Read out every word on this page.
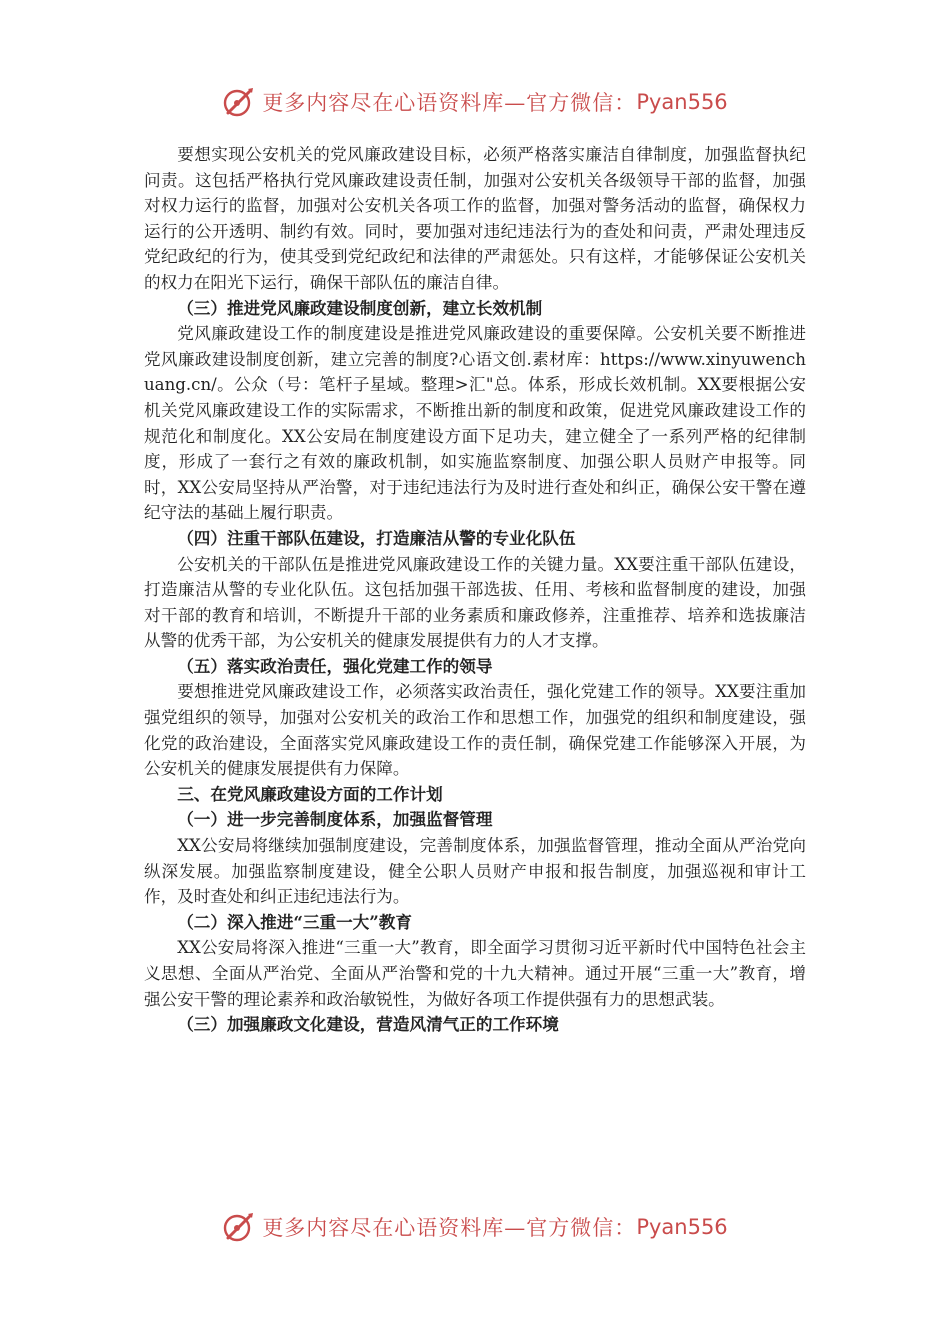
更多内容尽在心语资料库—官方微信： Pyan556

要想实现公安机关的党风廉政建设目标，必须严格落实廉洁自律制度，加强监督执纪问责。这包括严格执行党风廉政建设责任制，加强对公安机关各级领导干部的监督，加强对权力运行的监督，加强对公安机关各项工作的监督，加强对警务活动的监督，确保权力运行的公开透明、制约有效。同时，要加强对违纪违法行为的查处和问责，严肃处理违反党纪政纪的行为，使其受到党纪政纪和法律的严肃惩处。只有这样，才能够保证公安机关的权力在阳光下运行，确保干部队伍的廉洁自律。

（三）推进党风廉政建设制度创新，建立长效机制

党风廉政建设工作的制度建设是推进党风廉政建设的重要保障。公安机关要不断推进党风廉政建设制度创新，建立完善的制度?心语文创.素材库：https://www.xinyuwenchuang.cn/。公众（号：笔杆子星域。整理>汇"总。体系，形成长效机制。XX要根据公安机关党风廉政建设工作的实际需求，不断推出新的制度和政策，促进党风廉政建设工作的规范化和制度化。XX公安局在制度建设方面下足功夫，建立健全了一系列严格的纪律制度，形成了一套行之有效的廉政机制，如实施监察制度、加强公职人员财产申报等。同时，XX公安局坚持从严治警，对于违纪违法行为及时进行查处和纠正，确保公安干警在遵纪守法的基础上履行职责。

（四）注重干部队伍建设，打造廉洁从警的专业化队伍

公安机关的干部队伍是推进党风廉政建设工作的关键力量。XX要注重干部队伍建设，打造廉洁从警的专业化队伍。这包括加强干部选拔、任用、考核和监督制度的建设，加强对干部的教育和培训，不断提升干部的业务素质和廉政修养，注重推荐、培养和选拔廉洁从警的优秀干部，为公安机关的健康发展提供有力的人才支撑。

（五）落实政治责任，强化党建工作的领导

要想推进党风廉政建设工作，必须落实政治责任，强化党建工作的领导。XX要注重加强党组织的领导，加强对公安机关的政治工作和思想工作，加强党的组织和制度建设，强化党的政治建设，全面落实党风廉政建设工作的责任制，确保党建工作能够深入开展，为公安机关的健康发展提供有力保障。

三、在党风廉政建设方面的工作计划
（一）进一步完善制度体系，加强监督管理

XX公安局将继续加强制度建设，完善制度体系，加强监督管理，推动全面从严治党向纵深发展。加强监察制度建设，健全公职人员财产申报和报告制度，加强巡视和审计工作，及时查处和纠正违纪违法行为。

（二）深入推进“三重一大”教育

XX公安局将深入推进“三重一大”教育，即全面学习贯彻习近平新时代中国特色社会主义思想、全面从严治党、全面从严治警和党的十九大精神。通过开展“三重一大”教育，增强公安干警的理论素养和政治敏锐性，为做好各项工作提供强有力的思想武装。

（三）加强廉政文化建设，营造风清气正的工作环境
更多内容尽在心语资料库—官方微信： Pyan556
